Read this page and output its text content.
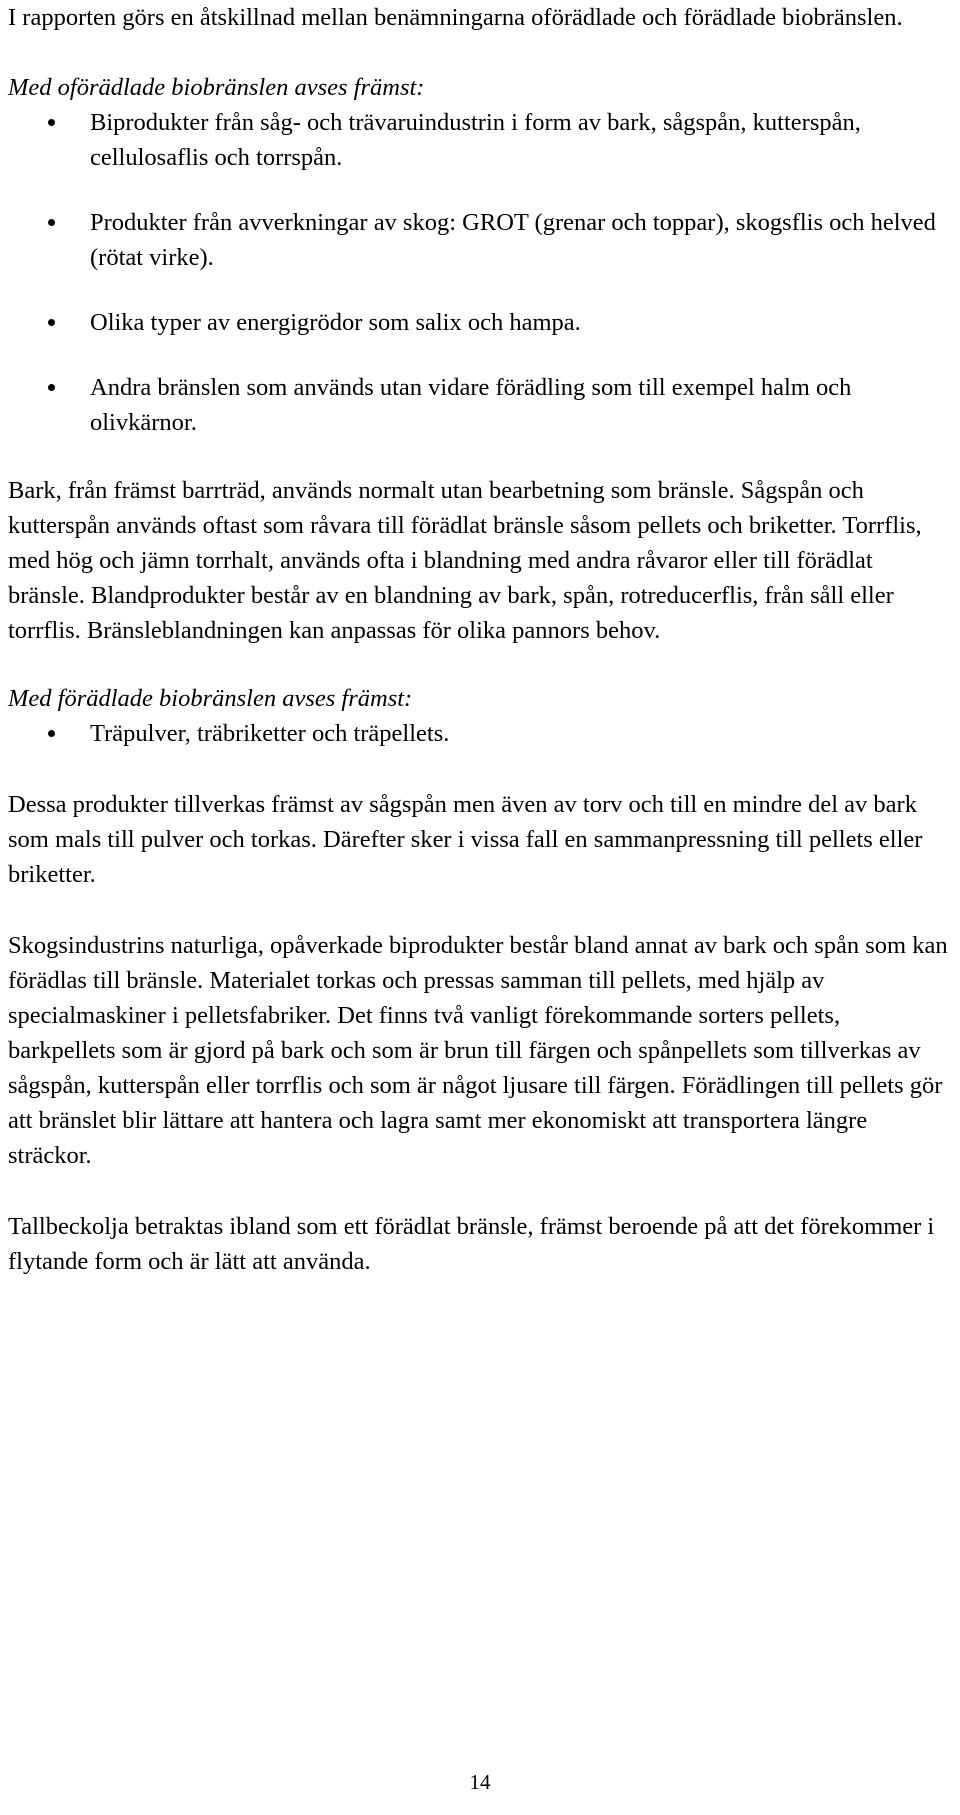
I rapporten görs en åtskillnad mellan benämningarna oförädlade och förädlade biobränslen.

Med oförädlade biobränslen avses främst:

Biprodukter från såg- och trävaruindustrin i form av bark, sågspån, kutterspån, cellulosaflis och torrspån.
Produkter från avverkningar av skog: GROT (grenar och toppar), skogsflis och helved (rötat virke).
Olika typer av energigrödor som salix och hampa.
Andra bränslen som används utan vidare förädling som till exempel halm och olivkärnor.

Bark, från främst barrträd, används normalt utan bearbetning som bränsle. Sågspån och kutterspån används oftast som råvara till förädlat bränsle såsom pellets och briketter. Torrflis, med hög och jämn torrhalt, används ofta i blandning med andra råvaror eller till förädlat bränsle. Blandprodukter består av en blandning av bark, spån, rotreducerflis, från såll eller torrflis. Bränsleblandningen kan anpassas för olika pannors behov.

Med förädlade biobränslen avses främst:

Träpulver, träbriketter och träpellets.

Dessa produkter tillverkas främst av sågspån men även av torv och till en mindre del av bark som mals till pulver och torkas. Därefter sker i vissa fall en sammanpressning till pellets eller briketter.

Skogsindustrins naturliga, opåverkade biprodukter består bland annat av bark och spån som kan förädlas till bränsle. Materialet torkas och pressas samman till pellets, med hjälp av specialmaskiner i pelletsfabriker. Det finns två vanligt förekommande sorters pellets, barkpellets som är gjord på bark och som är brun till färgen och spånpellets som tillverkas av sågspån, kutterspån eller torrflis och som är något ljusare till färgen. Förädlingen till pellets gör att bränslet blir lättare att hantera och lagra samt mer ekonomiskt att transportera längre sträckor.

Tallbeckolja betraktas ibland som ett förädlat bränsle, främst beroende på att det förekommer i flytande form och är lätt att använda.

14
